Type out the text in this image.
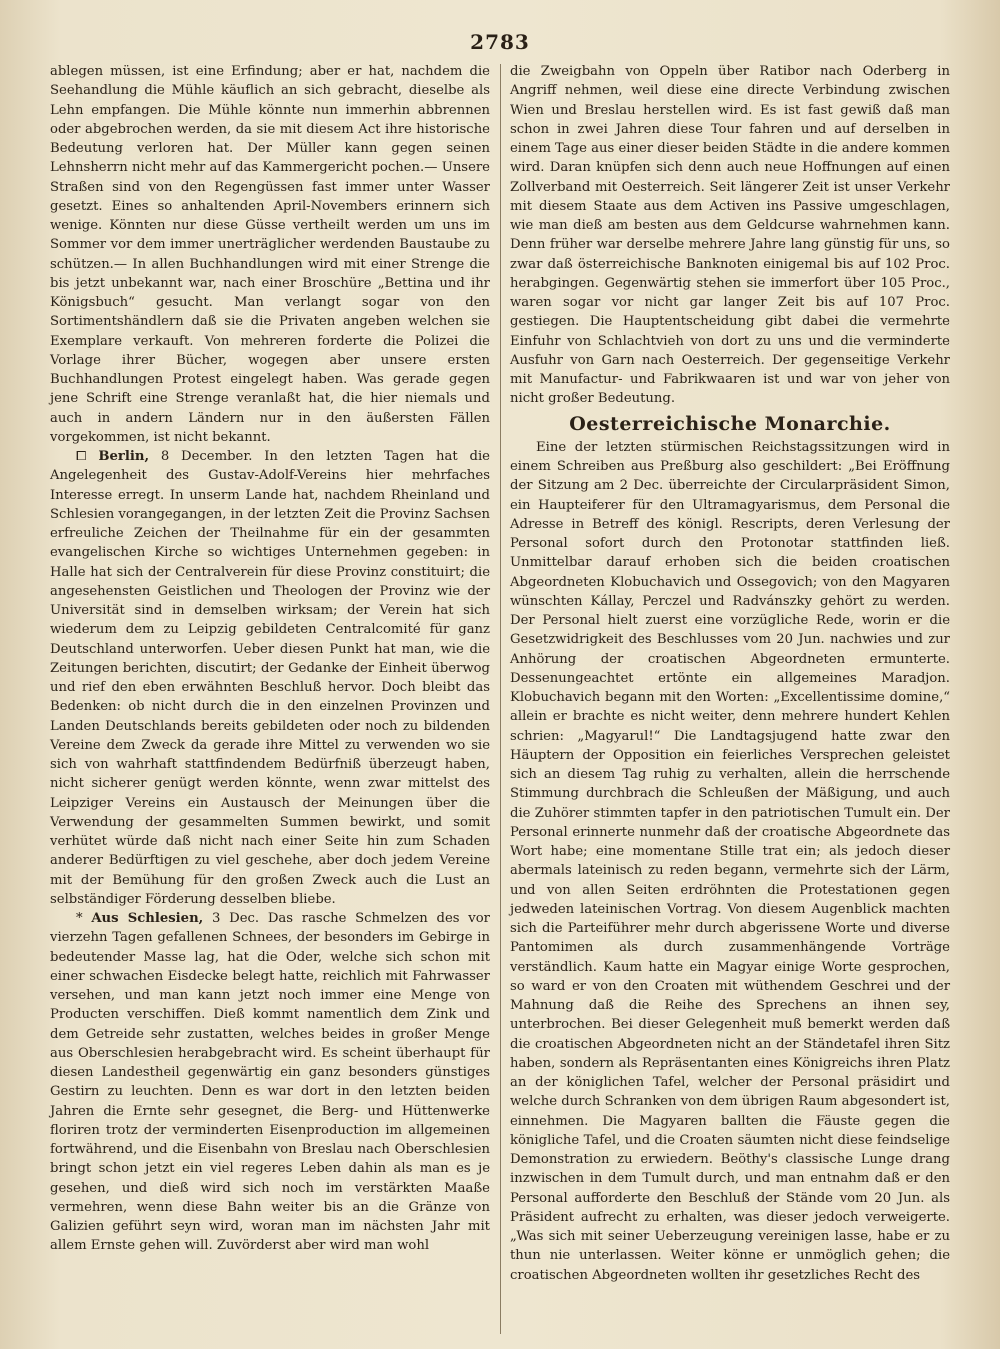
2783

ablegen müssen, ist eine Erfindung; aber er hat, nachdem die Seehandlung die Mühle käuflich an sich gebracht, dieselbe als Lehn empfangen. Die Mühle könnte nun immerhin abbrennen oder abgebrochen werden, da sie mit diesem Act ihre historische Bedeutung verloren hat. Der Müller kann gegen seinen Lehnsherrn nicht mehr auf das Kammergericht pochen.— Unsere Straßen sind von den Regengüssen fast immer unter Wasser gesetzt. Eines so anhaltenden April-Novembers erinnern sich wenige. Könnten nur diese Güsse vertheilt werden um uns im Sommer vor dem immer unerträglicher werdenden Baustaube zu schützen.— In allen Buchhandlungen wird mit einer Strenge die bis jetzt unbekannt war, nach einer Broschüre „Bettina und ihr Königsbuch“ gesucht. Man verlangt sogar von den Sortimentshändlern daß sie die Privaten angeben welchen sie Exemplare verkauft. Von mehreren forderte die Polizei die Vorlage ihrer Bücher, wogegen aber unsere ersten Buchhandlungen Protest eingelegt haben. Was gerade gegen jene Schrift eine Strenge veranlaßt hat, die hier niemals und auch in andern Ländern nur in den äußersten Fällen vorgekommen, ist nicht bekannt.

⧠ Berlin, 8 December. In den letzten Tagen hat die Angelegenheit des Gustav-Adolf-Vereins hier mehrfaches Interesse erregt. In unserm Lande hat, nachdem Rheinland und Schlesien vorangegangen, in der letzten Zeit die Provinz Sachsen erfreuliche Zeichen der Theilnahme für ein der gesammten evangelischen Kirche so wichtiges Unternehmen gegeben: in Halle hat sich der Centralverein für diese Provinz constituirt; die angesehensten Geistlichen und Theologen der Provinz wie der Universität sind in demselben wirksam; der Verein hat sich wiederum dem zu Leipzig gebildeten Centralcomité für ganz Deutschland unterworfen. Ueber diesen Punkt hat man, wie die Zeitungen berichten, discutirt; der Gedanke der Einheit überwog und rief den eben erwähnten Beschluß hervor. Doch bleibt das Bedenken: ob nicht durch die in den einzelnen Provinzen und Landen Deutschlands bereits gebildeten oder noch zu bildenden Vereine dem Zweck da gerade ihre Mittel zu verwenden wo sie sich von wahrhaft stattfindendem Bedürfniß überzeugt haben, nicht sicherer genügt werden könnte, wenn zwar mittelst des Leipziger Vereins ein Austausch der Meinungen über die Verwendung der gesammelten Summen bewirkt, und somit verhütet würde daß nicht nach einer Seite hin zum Schaden anderer Bedürftigen zu viel geschehe, aber doch jedem Vereine mit der Bemühung für den großen Zweck auch die Lust an selbständiger Förderung desselben bliebe.

* Aus Schlesien, 3 Dec. Das rasche Schmelzen des vor vierzehn Tagen gefallenen Schnees, der besonders im Gebirge in bedeutender Masse lag, hat die Oder, welche sich schon mit einer schwachen Eisdecke belegt hatte, reichlich mit Fahrwasser versehen, und man kann jetzt noch immer eine Menge von Producten verschiffen. Dieß kommt namentlich dem Zink und dem Getreide sehr zustatten, welches beides in großer Menge aus Oberschlesien herabgebracht wird. Es scheint überhaupt für diesen Landestheil gegenwärtig ein ganz besonders günstiges Gestirn zu leuchten. Denn es war dort in den letzten beiden Jahren die Ernte sehr gesegnet, die Berg- und Hüttenwerke floriren trotz der verminderten Eisenproduction im allgemeinen fortwährend, und die Eisenbahn von Breslau nach Oberschlesien bringt schon jetzt ein viel regeres Leben dahin als man es je gesehen, und dieß wird sich noch im verstärkten Maaße vermehren, wenn diese Bahn weiter bis an die Gränze von Galizien geführt seyn wird, woran man im nächsten Jahr mit allem Ernste gehen will. Zuvörderst aber wird man wohl

die Zweigbahn von Oppeln über Ratibor nach Oderberg in Angriff nehmen, weil diese eine directe Verbindung zwischen Wien und Breslau herstellen wird. Es ist fast gewiß daß man schon in zwei Jahren diese Tour fahren und auf derselben in einem Tage aus einer dieser beiden Städte in die andere kommen wird. Daran knüpfen sich denn auch neue Hoffnungen auf einen Zollverband mit Oesterreich. Seit längerer Zeit ist unser Verkehr mit diesem Staate aus dem Activen ins Passive umgeschlagen, wie man dieß am besten aus dem Geldcurse wahrnehmen kann. Denn früher war derselbe mehrere Jahre lang günstig für uns, so zwar daß österreichische Banknoten einigemal bis auf 102 Proc. herabgingen. Gegenwärtig stehen sie immerfort über 105 Proc., waren sogar vor nicht gar langer Zeit bis auf 107 Proc. gestiegen. Die Hauptentscheidung gibt dabei die vermehrte Einfuhr von Schlachtvieh von dort zu uns und die verminderte Ausfuhr von Garn nach Oesterreich. Der gegenseitige Verkehr mit Manufactur- und Fabrikwaaren ist und war von jeher von nicht großer Bedeutung.

Oesterreichische Monarchie.

Eine der letzten stürmischen Reichstagssitzungen wird in einem Schreiben aus Preßburg also geschildert: „Bei Eröffnung der Sitzung am 2 Dec. überreichte der Circularpräsident Simon, ein Haupteiferer für den Ultramagyarismus, dem Personal die Adresse in Betreff des königl. Rescripts, deren Verlesung der Personal sofort durch den Protonotar stattfinden ließ. Unmittelbar darauf erhoben sich die beiden croatischen Abgeordneten Klobuchavich und Ossegovich; von den Magyaren wünschten Kállay, Perczel und Radvánszky gehört zu werden. Der Personal hielt zuerst eine vorzügliche Rede, worin er die Gesetzwidrigkeit des Beschlusses vom 20 Jun. nachwies und zur Anhörung der croatischen Abgeordneten ermunterte. Dessenungeachtet ertönte ein allgemeines Maradjon. Klobuchavich begann mit den Worten: „Excellentissime domine,“ allein er brachte es nicht weiter, denn mehrere hundert Kehlen schrien: „Magyarul!“ Die Landtagsjugend hatte zwar den Häuptern der Opposition ein feierliches Versprechen geleistet sich an diesem Tag ruhig zu verhalten, allein die herrschende Stimmung durchbrach die Schleußen der Mäßigung, und auch die Zuhörer stimmten tapfer in den patriotischen Tumult ein. Der Personal erinnerte nunmehr daß der croatische Abgeordnete das Wort habe; eine momentane Stille trat ein; als jedoch dieser abermals lateinisch zu reden begann, vermehrte sich der Lärm, und von allen Seiten erdröhnten die Protestationen gegen jedweden lateinischen Vortrag. Von diesem Augenblick machten sich die Parteiführer mehr durch abgerissene Worte und diverse Pantomimen als durch zusammenhängende Vorträge verständlich. Kaum hatte ein Magyar einige Worte gesprochen, so ward er von den Croaten mit wüthendem Geschrei und der Mahnung daß die Reihe des Sprechens an ihnen sey, unterbrochen. Bei dieser Gelegenheit muß bemerkt werden daß die croatischen Abgeordneten nicht an der Ständetafel ihren Sitz haben, sondern als Repräsentanten eines Königreichs ihren Platz an der königlichen Tafel, welcher der Personal präsidirt und welche durch Schranken von dem übrigen Raum abgesondert ist, einnehmen. Die Magyaren ballten die Fäuste gegen die königliche Tafel, und die Croaten säumten nicht diese feindselige Demonstration zu erwiedern. Beöthy's classische Lunge drang inzwischen in dem Tumult durch, und man entnahm daß er den Personal aufforderte den Beschluß der Stände vom 20 Jun. als Präsident aufrecht zu erhalten, was dieser jedoch verweigerte. „Was sich mit seiner Ueberzeugung vereinigen lasse, habe er zu thun nie unterlassen. Weiter könne er unmöglich gehen; die croatischen Abgeordneten wollten ihr gesetzliches Recht des
